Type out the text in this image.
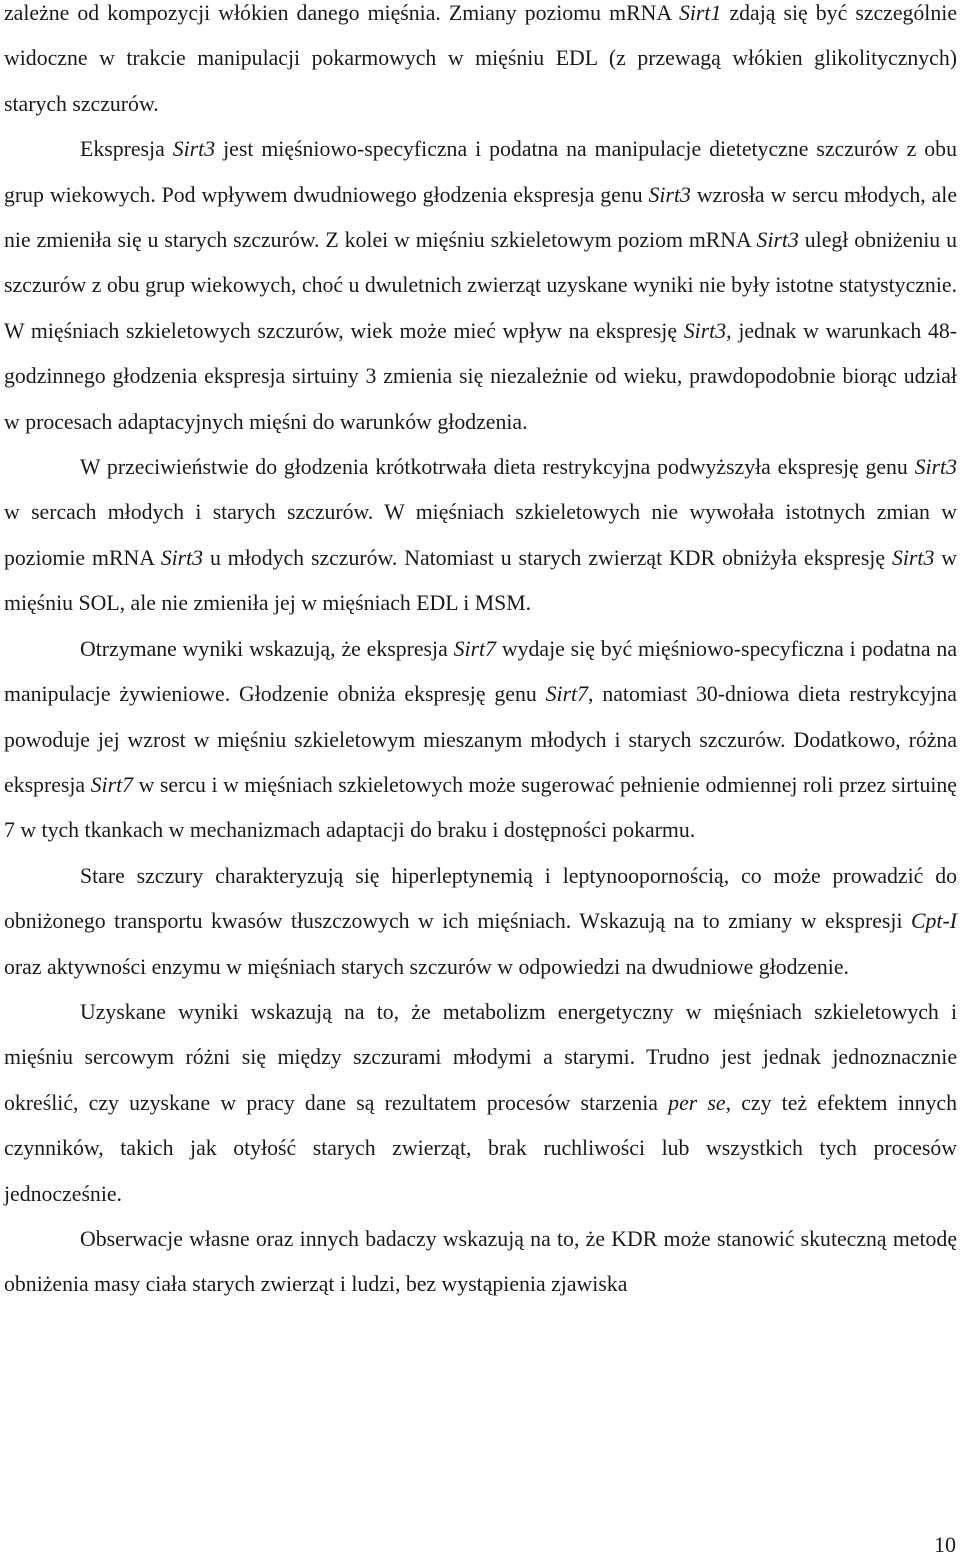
zależne od kompozycji włókien danego mięśnia. Zmiany poziomu mRNA Sirt1 zdają się być szczególnie widoczne w trakcie manipulacji pokarmowych w mięśniu EDL (z przewagą włókien glikolitycznych) starych szczurów.

Ekspresja Sirt3 jest mięśniowo-specyficzna i podatna na manipulacje dietetyczne szczurów z obu grup wiekowych. Pod wpływem dwudniowego głodzenia ekspresja genu Sirt3 wzrosła w sercu młodych, ale nie zmieniła się u starych szczurów. Z kolei w mięśniu szkieletowym poziom mRNA Sirt3 uległ obniżeniu u szczurów z obu grup wiekowych, choć u dwuletnich zwierząt uzyskane wyniki nie były istotne statystycznie. W mięśniach szkieletowych szczurów, wiek może mieć wpływ na ekspresję Sirt3, jednak w warunkach 48-godzinnego głodzenia ekspresja sirtuiny 3 zmienia się niezależnie od wieku, prawdopodobnie biorąc udział w procesach adaptacyjnych mięśni do warunków głodzenia.

W przeciwieństwie do głodzenia krótkotrwała dieta restrykcyjna podwyższyła ekspresję genu Sirt3 w sercach młodych i starych szczurów. W mięśniach szkieletowych nie wywołała istotnych zmian w poziomie mRNA Sirt3 u młodych szczurów. Natomiast u starych zwierząt KDR obniżyła ekspresję Sirt3 w mięśniu SOL, ale nie zmieniła jej w mięśniach EDL i MSM.

Otrzymane wyniki wskazują, że ekspresja Sirt7 wydaje się być mięśniowo-specyficzna i podatna na manipulacje żywieniowe. Głodzenie obniża ekspresję genu Sirt7, natomiast 30-dniowa dieta restrykcyjna powoduje jej wzrost w mięśniu szkieletowym mieszanym młodych i starych szczurów. Dodatkowo, różna ekspresja Sirt7 w sercu i w mięśniach szkieletowych może sugerować pełnienie odmiennej roli przez sirtuinę 7 w tych tkankach w mechanizmach adaptacji do braku i dostępności pokarmu.

Stare szczury charakteryzują się hiperleptynemią i leptynoopornością, co może prowadzić do obniżonego transportu kwasów tłuszczowych w ich mięśniach. Wskazują na to zmiany w ekspresji Cpt-I oraz aktywności enzymu w mięśniach starych szczurów w odpowiedzi na dwudniowe głodzenie.

Uzyskane wyniki wskazują na to, że metabolizm energetyczny w mięśniach szkieletowych i mięśniu sercowym różni się między szczurami młodymi a starymi. Trudno jest jednak jednoznacznie określić, czy uzyskane w pracy dane są rezultatem procesów starzenia per se, czy też efektem innych czynników, takich jak otyłość starych zwierząt, brak ruchliwości lub wszystkich tych procesów jednocześnie.

Obserwacje własne oraz innych badaczy wskazują na to, że KDR może stanowić skuteczną metodę obniżenia masy ciała starych zwierząt i ludzi, bez wystąpienia zjawiska

10
